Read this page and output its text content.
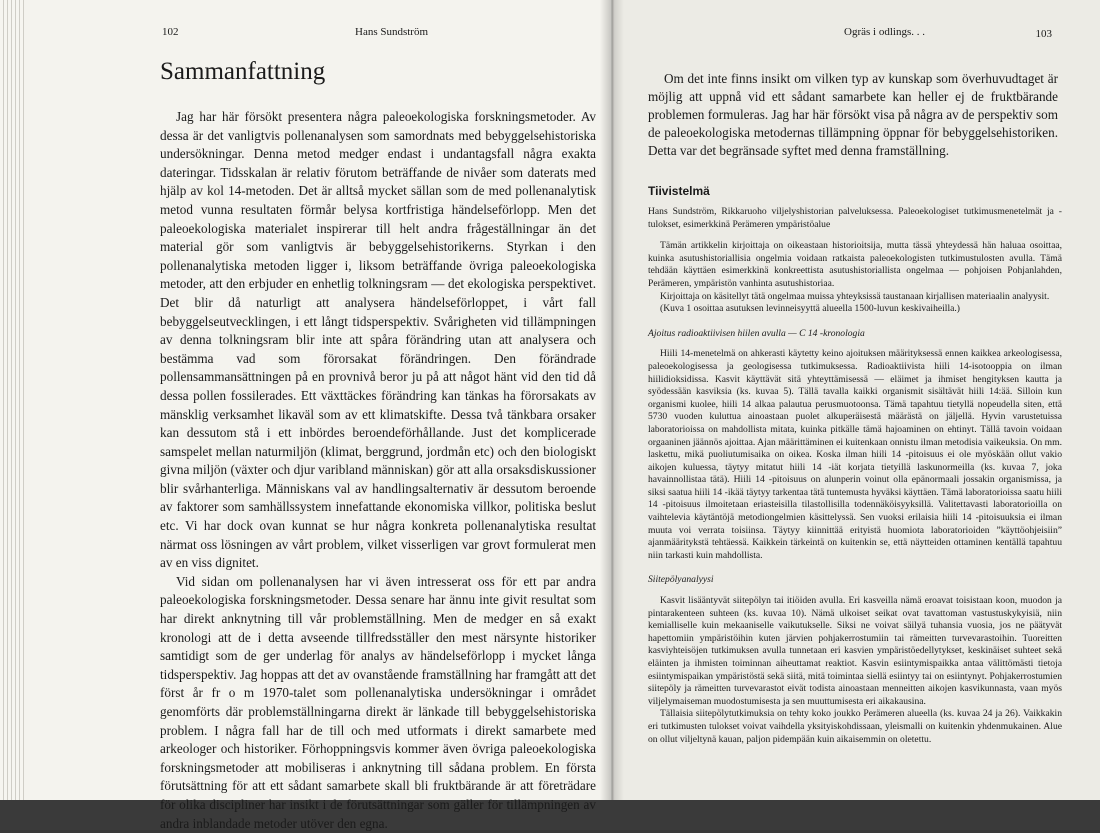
102	Hans Sundström
Sammanfattning

Jag har här försökt presentera några paleoekologiska forskningsmetoder. Av dessa är det vanligtvis pollenanalysen som samordnats med bebyggelsehistoriska undersökningar. Denna metod medger endast i undantagsfall några exakta dateringar. Tidsskalan är relativ förutom beträffande de nivåer som daterats med hjälp av kol 14-metoden. Det är alltså mycket sällan som de med pollenanalytisk metod vunna resultaten förmår belysa kortfristiga händelseförlopp. Men det paleoekologiska materialet inspirerar till helt andra frågeställningar än det material gör som vanligtvis är bebyggelsehistorikerns. Styrkan i den pollenanalytiska metoden ligger i, liksom beträffande övriga paleoekologiska metoder, att den erbjuder en enhetlig tolkningsram — det ekologiska perspektivet. Det blir då naturligt att analysera händelseförloppet, i vårt fall bebyggelseutvecklingen, i ett långt tidsperspektiv. Svårigheten vid tillämpningen av denna tolkningsram blir inte att spåra förändring utan att analysera och bestämma vad som förorsakat förändringen. Den förändrade pollensammansättningen på en provnivå beror ju på att något hänt vid den tid då dessa pollen fossilerades. Ett växttäckes förändring kan tänkas ha förorsakats av mänsklig verksamhet likaväl som av ett klimatskifte. Dessa två tänkbara orsaker kan dessutom stå i ett inbördes beroendeförhållande. Just det komplicerade samspelet mellan naturmiljön (klimat, berggrund, jordmån etc) och den biologiskt givna miljön (växter och djur varibland människan) gör att alla orsaksdiskussioner blir svårhanterliga. Människans val av handlingsalternativ är dessutom beroende av faktorer som samhällssystem innefattande ekonomiska villkor, politiska beslut etc. Vi har dock ovan kunnat se hur några konkreta pollenanalytiska resultat närmat oss lösningen av vårt problem, vilket visserligen var grovt formulerat men av en viss dignitet.

Vid sidan om pollenanalysen har vi även intresserat oss för ett par andra paleoekologiska forskningsmetoder. Dessa senare har ännu inte givit resultat som har direkt anknytning till vår problemställning. Men de medger en så exakt kronologi att de i detta avseende tillfredsställer den mest närsynte historiker samtidigt som de ger underlag för analys av händelseförlopp i mycket långa tidsperspektiv. Jag hoppas att det av ovanstående framställning har framgått att det först år fr o m 1970-talet som pollenanalytiska undersökningar i området genomförts där problemställningarna direkt är länkade till bebyggelsehistoriska problem. I några fall har de till och med utformats i direkt samarbete med arkeologer och historiker. Förhoppningsvis kommer även övriga paleoekologiska forskningsmetoder att mobiliseras i anknytning till sådana problem. En första förutsättning för att ett sådant samarbete skall bli fruktbärande är att företrädare för olika discipliner har insikt i de förutsättningar som gäller för tillämpningen av andra inblandade metoder utöver den egna.

Ogräs i odlings. . .	103

Om det inte finns insikt om vilken typ av kunskap som överhuvudtaget är möjlig att uppnå vid ett sådant samarbete kan heller ej de fruktbärande problemen formuleras. Jag har här försökt visa på några av de perspektiv som de paleoekologiska metodernas tillämpning öppnar för bebyggelsehistoriken. Detta var det begränsade syftet med denna framställning.

Tiivistelmä

Hans Sundström, Rikkaruoho viljelyshistorian palveluksessa. Paleoekologiset tutkimusmenetelmät ja -tulokset, esimerkkinä Perämeren ympäristöalue

Tämän artikkelin kirjoittaja on oikeastaan historioitsija, mutta tässä yhteydessä hän haluaa osoittaa, kuinka asutushistoriallisia ongelmia voidaan ratkaista paleoekologisten tutkimustulosten avulla. Tämä tehdään käyttäen esimerkkinä konkreettista asutushistoriallista ongelmaa — pohjoisen Pohjanlahden, Perämeren, ympäristön vanhinta asutushistoriaa.

Kirjoittaja on käsitellyt tätä ongelmaa muissa yhteyksissä taustanaan kirjallisen materiaalin analyysit.

(Kuva 1 osoittaa asutuksen levinneisyyttä alueella 1500-luvun keskivaiheilla.)

Ajoitus radioaktiivisen hiilen avulla — C 14 -kronologia

Hiili 14-menetelmä on ahkerasti käytetty keino ajoituksen määrityksessä ennen kaikkea arkeologisessa, paleoekologisessa ja geologisessa tutkimuksessa. Radioaktiivista hiili 14-isotooppia on ilman hiilidioksidissa. Kasvit käyttävät sitä yhteyttämisessä — eläimet ja ihmiset hengityksen kautta ja syödessään kasviksia (ks. kuvaa 5). Tällä tavalla kaikki organismit sisältävät hiili 14:ää. Silloin kun organismi kuolee, hiili 14 alkaa palautua perusmuotoonsa. Tämä tapahtuu tietyllä nopeudella siten, että 5730 vuoden kuluttua ainoastaan puolet alkuperäisestä määrästä on jäljellä. Hyvin varustetuissa laboratorioissa on mahdollista mitata, kuinka pitkälle tämä hajoaminen on ehtinyt. Tällä tavoin voidaan orgaaninen jäännös ajoittaa. Ajan määrittäminen ei kuitenkaan onnistu ilman metodisia vaikeuksia. On mm. laskettu, mikä puoliutumisaika on oikea. Koska ilman hiili 14 -pitoisuus ei ole myöskään ollut vakio aikojen kuluessa, täytyy mitatut hiili 14 -iät korjata tietyillä laskunormeilla (ks. kuvaa 7, joka havainnollistaa tätä). Hiili 14 -pitoisuus on alunperin voinut olla epänormaali jossakin organismissa, ja siksi saatua hiili 14 -ikää täytyy tarkentaa tätä tuntemusta hyväksi käyttäen. Tämä laboratorioissa saatu hiili 14 -pitoisuus ilmoitetaan eriasteisilla tilastollisilla todennäköisyyksillä. Valitettavasti laboratorioilla on vaihtelevia käytäntöjä metodiongelmien käsittelyssä. Sen vuoksi erilaisia hiili 14 -pitoisuuksia ei ilman muuta voi verrata toisiinsa. Täytyy kiinnittää erityistä huomiota laboratorioiden ”käyttöohjeisiin” ajanmääritykstä tehtäessä. Kaikkein tärkeintä on kuitenkin se, että näytteiden ottaminen kentällä tapahtuu niin tarkasti kuin mahdollista.

Siitepölyanalyysi

Kasvit lisääntyvät siitepölyn tai itiöiden avulla. Eri kasveilla nämä eroavat toisistaan koon, muodon ja pintarakenteen suhteen (ks. kuvaa 10). Nämä ulkoiset seikat ovat tavattoman vastustuskykyisiä, niin kemialliselle kuin mekaaniselle vaikutukselle. Siksi ne voivat säilyä tuhansia vuosia, jos ne päätyvät hapettomiin ympäristöihin kuten järvien pohjakerrostumiin tai rämeitten turvevarastoihin. Tuoreitten kasviyhteisöjen tutkimuksen avulla tunnetaan eri kasvien ympäristöedellytykset, keskinäiset suhteet sekä eläinten ja ihmisten toiminnan aiheuttamat reaktiot. Kasvin esiintymispaikka antaa välittömästi tietoja esiintymispaikan ympäristöstä sekä siitä, mitä toimintaa siellä esiintyy tai on esiintynyt. Pohjakerrostumien siitepöly ja rämeitten turvevarastot eivät todista ainoastaan menneitten aikojen kasvikunnasta, vaan myös viljelymaiseman muodostumisesta ja sen muuttumisesta eri aikakausina.

Tällaisia siitepölytutkimuksia on tehty koko joukko Perämeren alueella (ks. kuvaa 24 ja 26). Vaikkakin eri tutkimusten tulokset voivat vaihdella yksityiskohdissaan, yleismalli on kuitenkin yhdenmukainen. Alue on ollut viljeltynä kauan, paljon pidempään kuin aikaisemmin on oletettu.
